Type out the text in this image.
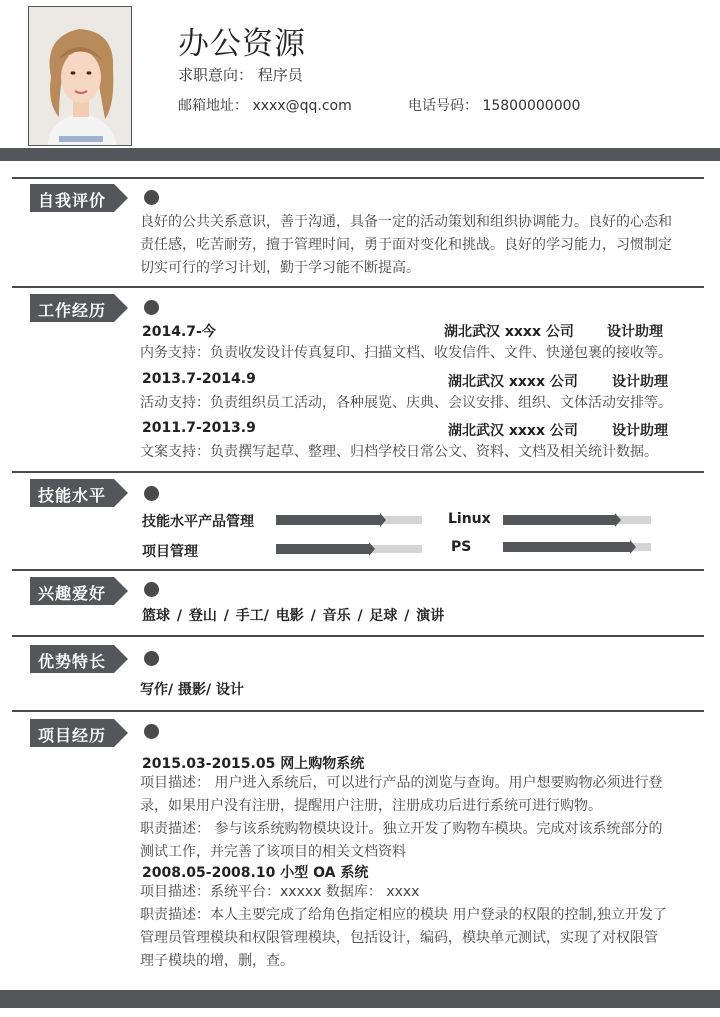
办公资源
求职意向： 程序员
邮箱地址： xxxx@qq.com	电话号码： 15800000000
自我评价
良好的公共关系意识，善于沟通，具备一定的活动策划和组织协调能力。良好的心态和
责任感，吃苦耐劳，擅于管理时间，勇于面对变化和挑战。良好的学习能力，习惯制定
切实可行的学习计划，勤于学习能不断提高。
工作经历
2014.7-今	湖北武汉 xxxx 公司 设计助理
内务支持：负责收发设计传真复印、扫描文档、收发信件、文件、快递包裹的接收等。
2013.7-2014.9	湖北武汉 xxxx 公司 设计助理
活动支持：负责组织员工活动，各种展览、庆典、会议安排、组织、文体活动安排等。
2011.7-2013.9	湖北武汉 xxxx 公司 设计助理
文案支持：负责撰写起草、整理、归档学校日常公文、资料、文档及相关统计数据。
技能水平
技能水平产品管理	Linux
项目管理	PS
兴趣爱好
篮球 / 登山 / 手工/ 电影 / 音乐 / 足球 / 演讲
优势特长
写作/ 摄影/ 设计
项目经历
2015.03-2015.05 网上购物系统
项目描述： 用户进入系统后，可以进行产品的浏览与查询。用户想要购物必须进行登
录，如果用户没有注册，提醒用户注册，注册成功后进行系统可进行购物。
职责描述： 参与该系统购物模块设计。独立开发了购物车模块。完成对该系统部分的
测试工作，并完善了该项目的相关文档资料
2008.05-2008.10 小型 OA 系统
项目描述：系统平台：xxxxx 数据库： xxxx
职责描述：本人主要完成了给角色指定相应的模块 用户登录的权限的控制,独立开发了
管理员管理模块和权限管理模块，包括设计，编码，模块单元测试，实现了对权限管
理子模块的增，删，查。
